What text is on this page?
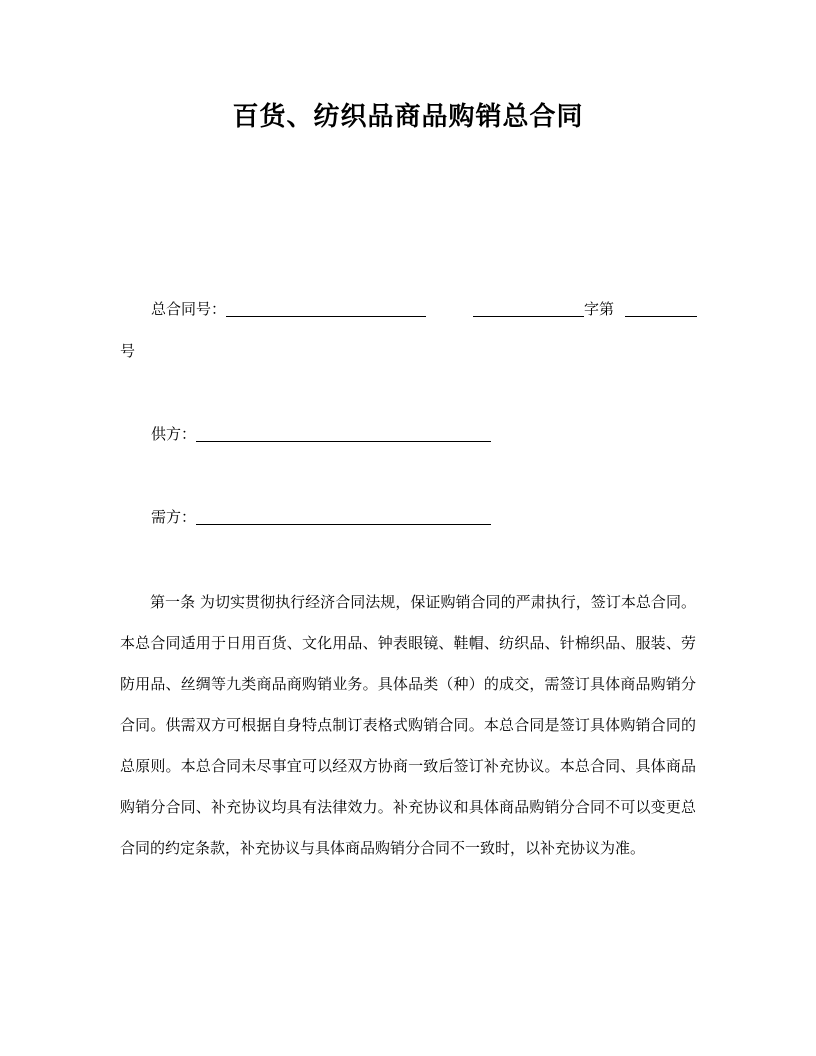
百货、纺织品商品购销总合同
总合同号：	字第
号
供方：
需方：

第一条 为切实贯彻执行经济合同法规，保证购销合同的严肃执行，签订本总合同。本总合同适用于日用百货、文化用品、钟表眼镜、鞋帽、纺织品、针棉织品、服装、劳防用品、丝绸等九类商品商购销业务。具体品类（种）的成交，需签订具体商品购销分合同。供需双方可根据自身特点制订表格式购销合同。本总合同是签订具体购销合同的总原则。本总合同未尽事宜可以经双方协商一致后签订补充协议。本总合同、具体商品购销分合同、补充协议均具有法律效力。补充协议和具体商品购销分合同不可以变更总合同的约定条款，补充协议与具体商品购销分合同不一致时，以补充协议为准。
